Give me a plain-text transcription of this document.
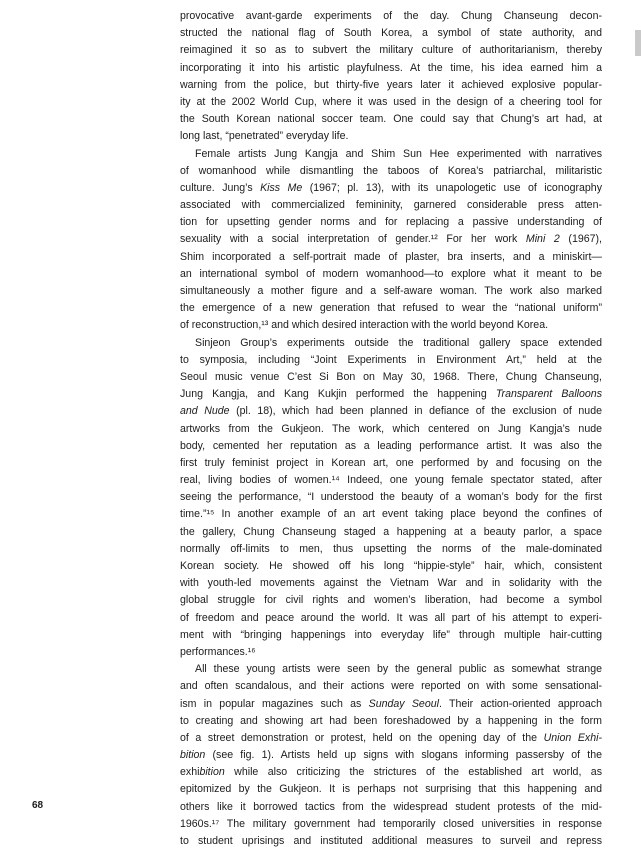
provocative avant-garde experiments of the day. Chung Chanseung decon-
structed the national flag of South Korea, a symbol of state authority, and
reimagined it so as to subvert the military culture of authoritarianism, thereby
incorporating it into his artistic playfulness. At the time, his idea earned him a
warning from the police, but thirty-five years later it achieved explosive popular-
ity at the 2002 World Cup, where it was used in the design of a cheering tool for
the South Korean national soccer team. One could say that Chung’s art had, at
long last, “penetrated” everyday life.
Female artists Jung Kangja and Shim Sun Hee experimented with narratives
of womanhood while dismantling the taboos of Korea’s patriarchal, militaristic
culture. Jung’s Kiss Me (1967; pl. 13), with its unapologetic use of iconography
associated with commercialized femininity, garnered considerable press atten-
tion for upsetting gender norms and for replacing a passive understanding of
sexuality with a social interpretation of gender.¹² For her work Mini 2 (1967),
Shim incorporated a self-portrait made of plaster, bra inserts, and a miniskirt—
an international symbol of modern womanhood—to explore what it meant to be
simultaneously a mother figure and a self-aware woman. The work also marked
the emergence of a new generation that refused to wear the “national uniform”
of reconstruction,¹³ and which desired interaction with the world beyond Korea.
Sinjeon Group’s experiments outside the traditional gallery space extended
to symposia, including “Joint Experiments in Environment Art,” held at the
Seoul music venue C’est Si Bon on May 30, 1968. There, Chung Chanseung,
Jung Kangja, and Kang Kukjin performed the happening Transparent Balloons
and Nude (pl. 18), which had been planned in defiance of the exclusion of nude
artworks from the Gukjeon. The work, which centered on Jung Kangja’s nude
body, cemented her reputation as a leading performance artist. It was also the
first truly feminist project in Korean art, one performed by and focusing on the
real, living bodies of women.¹⁴ Indeed, one young female spectator stated, after
seeing the performance, “I understood the beauty of a woman’s body for the first
time.”¹⁵ In another example of an art event taking place beyond the confines of
the gallery, Chung Chanseung staged a happening at a beauty parlor, a space
normally off-limits to men, thus upsetting the norms of the male-dominated
Korean society. He showed off his long “hippie-style” hair, which, consistent
with youth-led movements against the Vietnam War and in solidarity with the
global struggle for civil rights and women’s liberation, had become a symbol
of freedom and peace around the world. It was all part of his attempt to experi-
ment with “bringing happenings into everyday life” through multiple hair-cutting
performances.¹⁶
All these young artists were seen by the general public as somewhat strange
and often scandalous, and their actions were reported on with some sensational-
ism in popular magazines such as Sunday Seoul. Their action-oriented approach
to creating and showing art had been foreshadowed by a happening in the form
of a street demonstration or protest, held on the opening day of the Union Exhi-
bition (see fig. 1). Artists held up signs with slogans informing passersby of the
exhibition while also criticizing the strictures of the established art world, as
epitomized by the Gukjeon. It is perhaps not surprising that this happening and
others like it borrowed tactics from the widespread student protests of the mid-
1960s.¹⁷ The military government had temporarily closed universities in response
to student uprisings and instituted additional measures to surveil and repress
68
